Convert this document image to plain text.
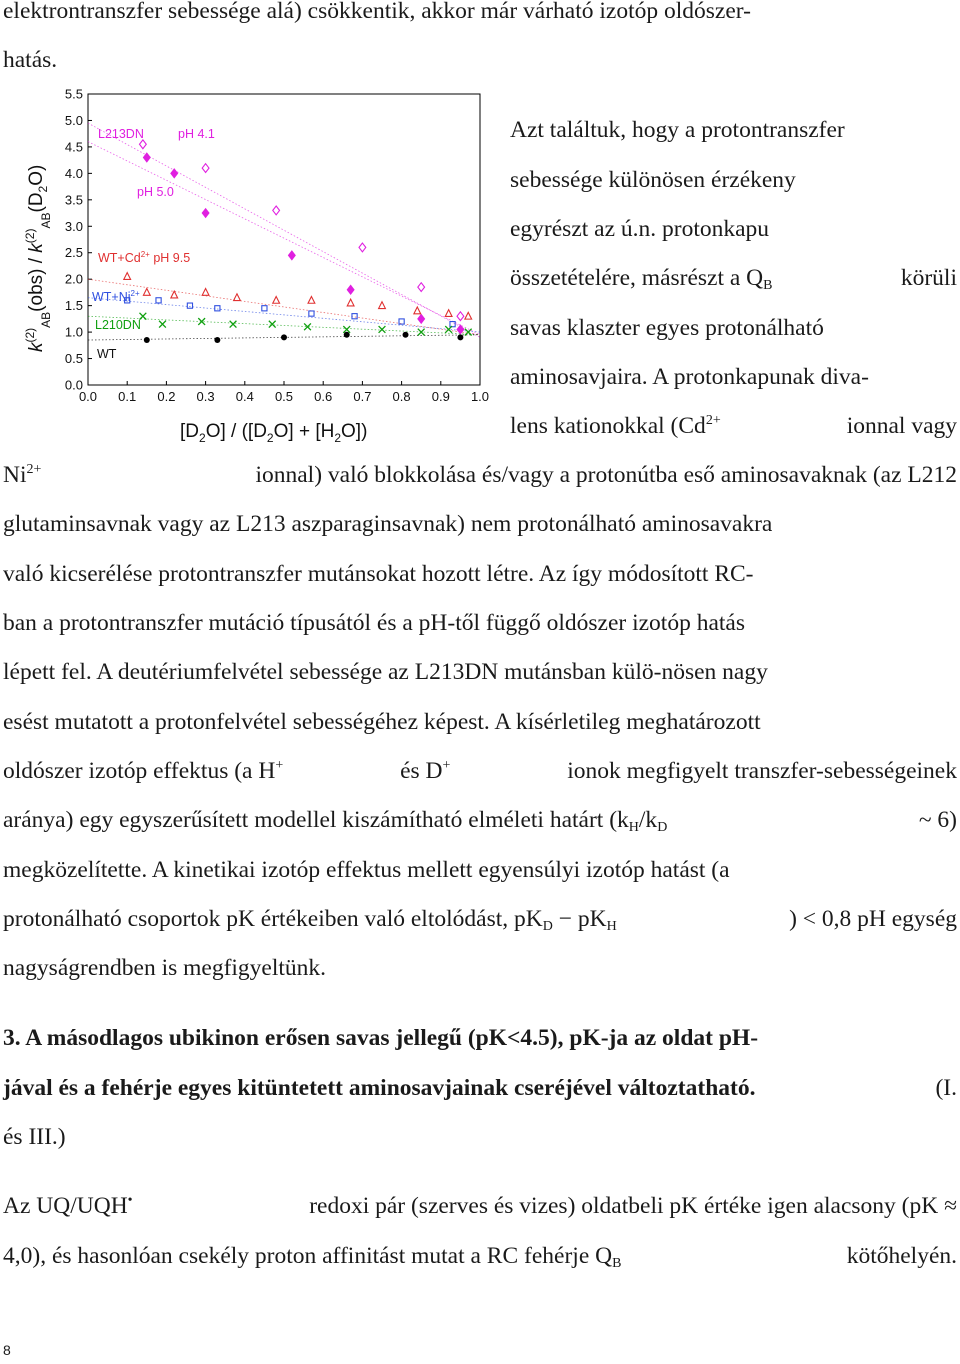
elektrontranszfer sebessége alá) csökkentik, akkor már várható izotóp oldószer-
hatás.
0.0 0.1 0.2 0.3 0.4 0.5 0.6 0.7 0.8 0.9 1.0
0.0
0.5
1.0
1.5
2.0
2.5
3.0
3.5
4.0
4.5
5.0
5.5
$[D_2O] / ([D_2O] + [H_2O])$
$k^{(2)}_{AB}(obs) / k^{(2)}_{AB}(D_2O)$
L213DN	pH 4.1
pH 5.0
$WT+Cd^{2+}$ pH 9.5
$WT+Ni^{2+}$
L210DN
WT
Azt találtuk, hogy a protontranszfer
sebessége különösen érzékeny
egyrészt az ú.n. protonkapu
összetételére, másrészt a $Q_B$	körüli
savas klaszter egyes protonálható
aminosavjaira. A protonkapunak diva-
lens kationokkal ($Cd^{2+}$	ionnal vagy
$Ni^{2+}$	ionnal) való blokkolása és/vagy a protonútba eső aminosavaknak (az L212
glutaminsavnak vagy az L213 aszparaginsavnak) nem protonálható aminosavakra
való kicserélése protontranszfer mutánsokat hozott létre. Az így módosított RC-
ban a protontranszfer mutáció típusától és a pH-től függő oldószer izotóp hatás
lépett fel. A deutériumfelvétel sebessége az L213DN mutánsban külö-nösen nagy
esést mutatott a protonfelvétel sebességéhez képest. A kísérletileg meghatározott
oldószer izotóp effektus (a H+	és D+	ionok megfigyelt transzfer-sebességeinek
aránya) egy egyszerűsített modellel kiszámítható elméleti határt ($k_H/k_D$	~ 6)
megközelítette. A kinetikai izotóp effektus mellett egyensúlyi izotóp hatást (a
protonálható csoportok pK értékeiben való eltolódást, $pK_D - pK_H$	) < 0,8 pH egység
nagyságrendben is megfigyeltünk.
3. A másodlagos ubikinon erősen savas jellegű (pK<4.5), pK-ja az oldat pH-
jával és a fehérje egyes kitüntetett aminosavjainak cseréjével változtatható.	(I.
és III.)
Az UQ/UQH•	redoxi pár (szerves és vizes) oldatbeli pK értéke igen alacsony (pK ≈
4,0), és hasonlóan csekély proton affinitást mutat a RC fehérje $Q_B$	kötőhelyén.
8
